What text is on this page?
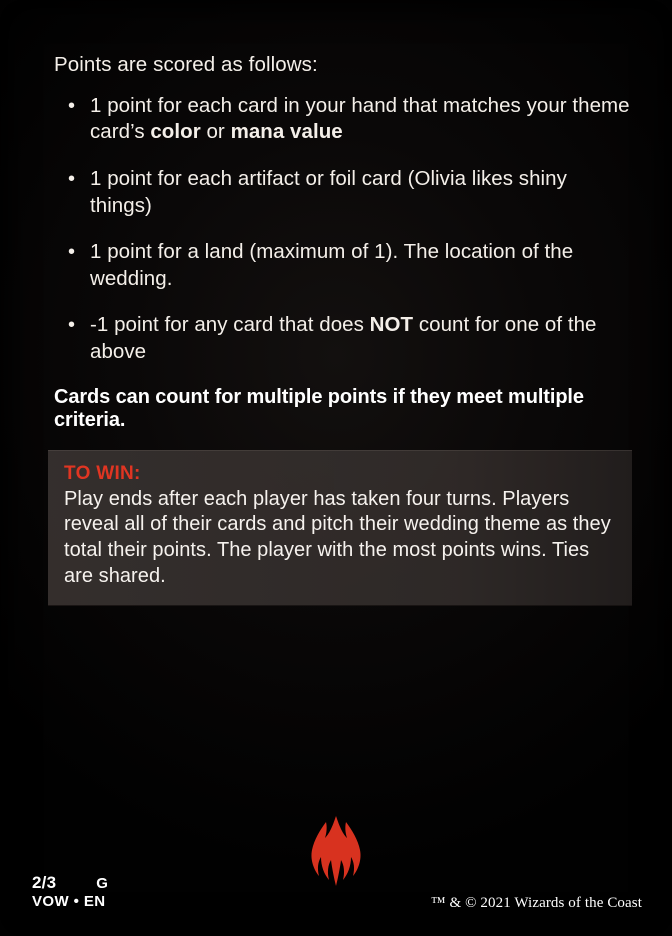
Points are scored as follows:

• 1 point for each card in your hand that matches your theme card’s color or mana value
• 1 point for each artifact or foil card (Olivia likes shiny things)
• 1 point for a land (maximum of 1). The location of the wedding.
• -1 point for any card that does NOT count for one of the above
Cards can count for multiple points if they meet multiple criteria.
TO WIN:
Play ends after each player has taken four turns. Players reveal all of their cards and pitch their wedding theme as they total their points. The player with the most points wins. Ties are shared.
2/3	G
VOW • EN	™ & © 2021 Wizards of the Coast
